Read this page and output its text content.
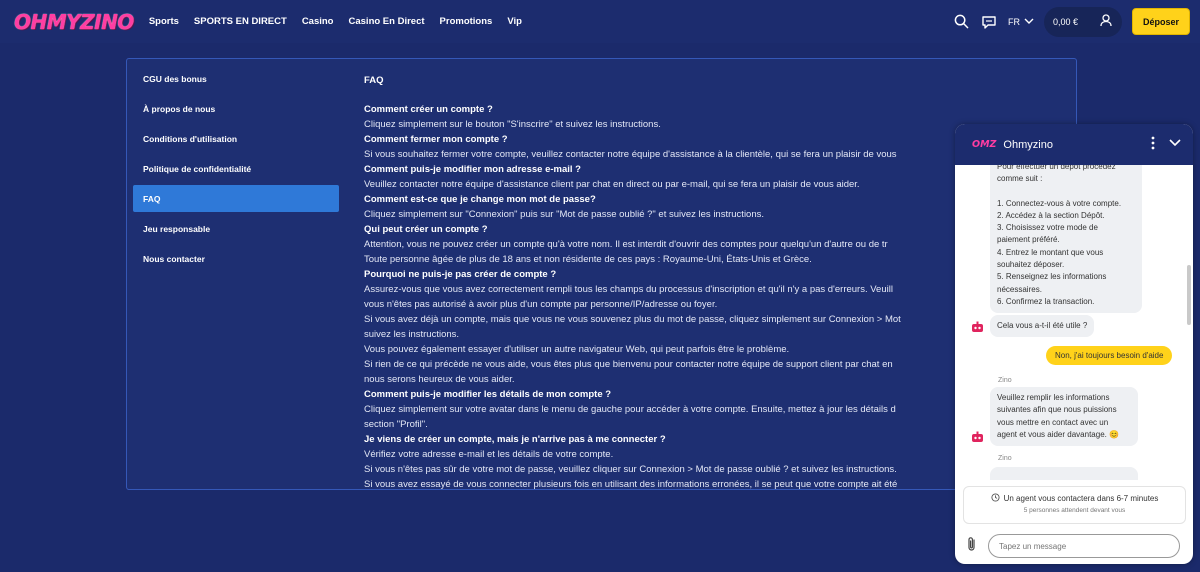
OHMYZINO Sports SPORTS EN DIRECT Casino Casino En Direct Promotions Vip	FR	0,00 €	Déposer
CGU des bonus
À propos de nous
Conditions d'utilisation
Politique de confidentialité
FAQ
Jeu responsable
Nous contacter
FAQ
Comment créer un compte ?
Cliquez simplement sur le bouton "S'inscrire" et suivez les instructions.
Comment fermer mon compte ?
Si vous souhaitez fermer votre compte, veuillez contacter notre équipe d'assistance à la clientèle, qui se fera un plaisir de vous
Comment puis-je modifier mon adresse e-mail ?
Veuillez contacter notre équipe d'assistance client par chat en direct ou par e-mail, qui se fera un plaisir de vous aider.
Comment est-ce que je change mon mot de passe?
Cliquez simplement sur "Connexion" puis sur "Mot de passe oublié ?" et suivez les instructions.
Qui peut créer un compte ?
Attention, vous ne pouvez créer un compte qu'à votre nom. Il est interdit d'ouvrir des comptes pour quelqu'un d'autre ou de tr
Toute personne âgée de plus de 18 ans et non résidente de ces pays : Royaume-Uni, États-Unis et Grèce.
Pourquoi ne puis-je pas créer de compte ?
Assurez-vous que vous avez correctement rempli tous les champs du processus d'inscription et qu'il n'y a pas d'erreurs. Veuill
vous n'êtes pas autorisé à avoir plus d'un compte par personne/IP/adresse ou foyer.
Si vous avez déjà un compte, mais que vous ne vous souvenez plus du mot de passe, cliquez simplement sur Connexion > Mot
suivez les instructions.
Vous pouvez également essayer d'utiliser un autre navigateur Web, qui peut parfois être le problème.
Si rien de ce qui précède ne vous aide, vous êtes plus que bienvenu pour contacter notre équipe de support client par chat en
nous serons heureux de vous aider.
Comment puis-je modifier les détails de mon compte ?
Cliquez simplement sur votre avatar dans le menu de gauche pour accéder à votre compte. Ensuite, mettez à jour les détails d
section "Profil".
Je viens de créer un compte, mais je n'arrive pas à me connecter ?
Vérifiez votre adresse e-mail et les détails de votre compte.
Si vous n'êtes pas sûr de votre mot de passe, veuillez cliquer sur Connexion > Mot de passe oublié ? et suivez les instructions.
Si vous avez essayé de vous connecter plusieurs fois en utilisant des informations erronées, il se peut que votre compte ait été
OMZ Ohmyzino
Pour effectuer un dépôt procédez
comme suit :
1. Connectez-vous à votre compte.
2. Accédez à la section Dépôt.
3. Choisissez votre mode de
paiement préféré.
4. Entrez le montant que vous
souhaitez déposer.
5. Renseignez les informations
nécessaires.
6. Confirmez la transaction.
Cela vous a-t-il été utile ?
Non, j'ai toujours besoin d'aide
Zino
Veuillez remplir les informations
suivantes afin que nous puissions
vous mettre en contact avec un
agent et vous aider davantage. 😊
Zino
Un agent vous contactera dans 6-7 minutes
5 personnes attendent devant vous
Tapez un message
